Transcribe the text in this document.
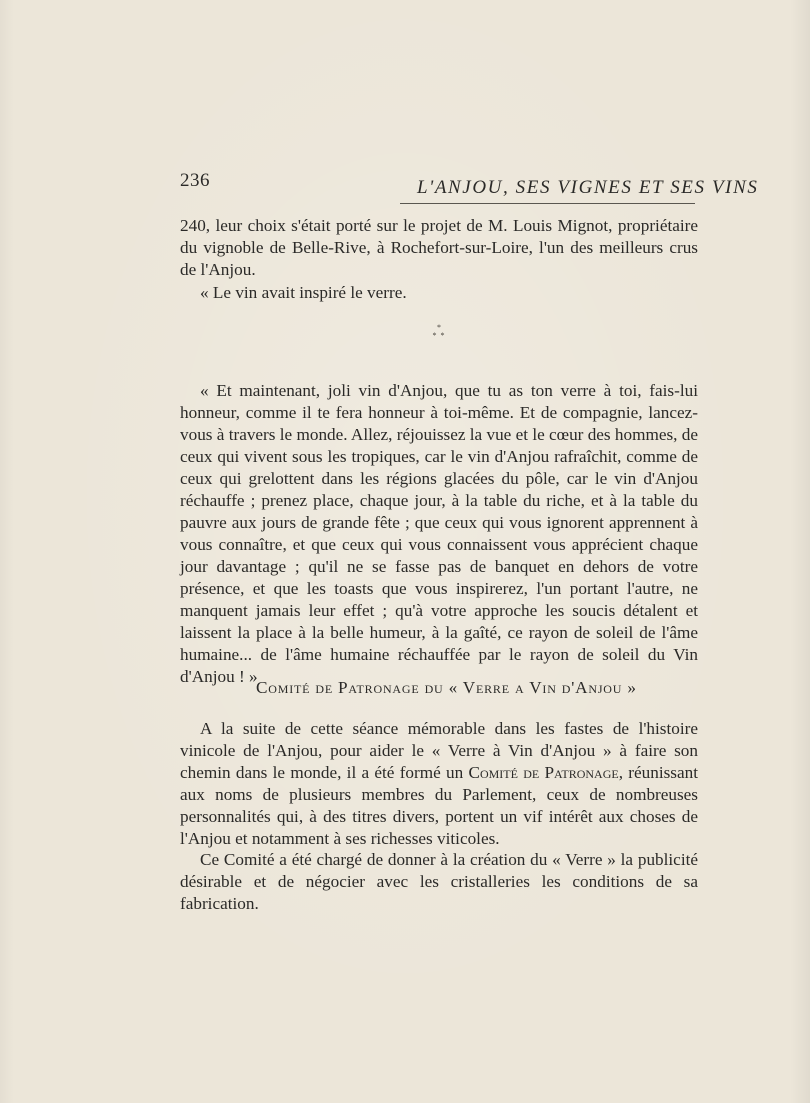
236	L'ANJOU, SES VIGNES ET SES VINS
240, leur choix s'était porté sur le projet de M. Louis Mignot, propriétaire du vignoble de Belle-Rive, à Rochefort-sur-Loire, l'un des meilleurs crus de l'Anjou.
« Le vin avait inspiré le verre.
*
* *
« Et maintenant, joli vin d'Anjou, que tu as ton verre à toi, fais-lui honneur, comme il te fera honneur à toi-même. Et de compagnie, lancez-vous à travers le monde. Allez, réjouissez la vue et le cœur des hommes, de ceux qui vivent sous les tropiques, car le vin d'Anjou rafraîchit, comme de ceux qui grelottent dans les régions glacées du pôle, car le vin d'Anjou réchauffe ; prenez place, chaque jour, à la table du riche, et à la table du pauvre aux jours de grande fête ; que ceux qui vous ignorent apprennent à vous connaître, et que ceux qui vous connaissent vous apprécient chaque jour davantage ; qu'il ne se fasse pas de banquet en dehors de votre présence, et que les toasts que vous inspirerez, l'un portant l'autre, ne manquent jamais leur effet ; qu'à votre approche les soucis détalent et laissent la place à la belle humeur, à la gaîté, ce rayon de soleil de l'âme humaine... de l'âme humaine réchauffée par le rayon de soleil du Vin d'Anjou ! »
Comité de Patronage du « Verre a Vin d'Anjou »
A la suite de cette séance mémorable dans les fastes de l'histoire vinicole de l'Anjou, pour aider le « Verre à Vin d'Anjou » à faire son chemin dans le monde, il a été formé un Comité de Patronage, réunissant aux noms de plusieurs membres du Parlement, ceux de nombreuses personnalités qui, à des titres divers, portent un vif intérêt aux choses de l'Anjou et notamment à ses richesses viticoles.
Ce Comité a été chargé de donner à la création du « Verre » la publicité désirable et de négocier avec les cristalleries les conditions de sa fabrication.
